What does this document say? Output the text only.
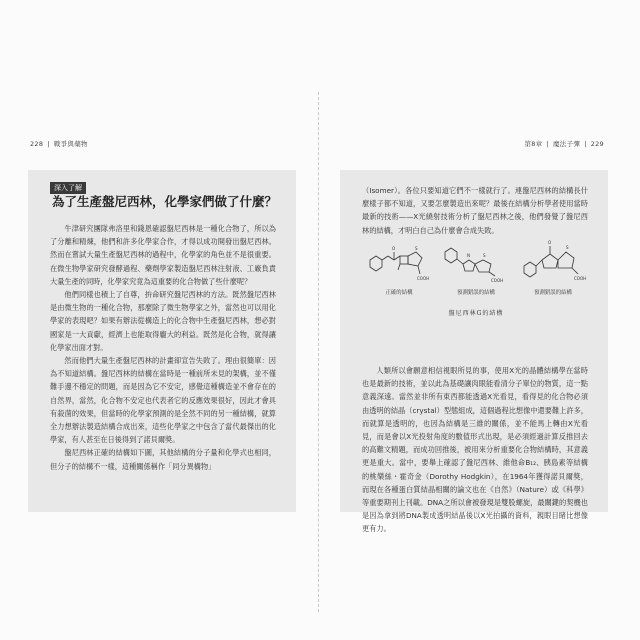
228 | 戰爭與藥物
深入了解
為了生產盤尼西林，化學家們做了什麼？

牛津研究團隊弗洛里和錢恩確認盤尼西林是一種化合物了，所以為了分離和精煉，他們和許多化學家合作，才得以成功開發出盤尼西林。然而在嘗試大量生產盤尼西林的過程中，化學家的角色並不是很重要。在微生物學家研究發酵過程、藥劑學家製造盤尼西林注射液、工廠負責大量生產的同時，化學家究竟為這重要的化合物做了些什麼呢？

他們同樣也積上了自尊，拚命研究盤尼西林的方法。既然盤尼西林是由微生物的一種化合物，那麼除了微生物學家之外，當然也可以用化學家的表現吧？如果有辦法從構造上的化合物中生產盤尼西林，想必對國家是一大貢獻，經濟上也能取得龐大的利益。既然是化合物，就得讓化學家出面才對。

然而他們大量生產盤尼西林的計畫卻宣告失敗了。理由很簡單：因為不知道結構。盤尼西林的結構在當時是一種前所未見的架構，並不僅難手邊不穩定的問題，而是因為它不安定，感覺這種構造並不會存在的自然界，當然，化合物不安定也代表者它的反應效果很好，因此才會具有殺菌的效果，但當時的化學家預測的是全然不同的另一種結構，就算全力想辦法製造結構合成出來，這些化學家之中包含了當代最傑出的化學家，有人甚至在日後得到了諾貝爾獎。

盤尼西林正確的結構如下圖，其他結構的分子量和化學式也相同，但分子的結構不一樣，這種關係稱作「同分異構物」

第8章 | 魔法子彈 | 229

（Isomer）。各位只要知道它們不一樣就行了。連盤尼西林的結構長什麼樣子都不知道，又要怎麼製造出來呢？最後在結構分析學者使用當時最新的技術——X光繞射技術分析了盤尼西林之後，他們發覺了盤尼西林的結構，才明白自己為什麼會合成失敗。

O	S
COOH
正確的結構
N	S
COOH
預測錯誤的結構
O
S
COOH
預測錯誤的結構
盤尼西林G的結構

人類所以會願意相信視眼所見的事，使用X光的晶體結構學在當時也是最新的技術，並以此為基礎讓肉眼能看清分子單位的物質，這一點意義深遠。當然並非所有東西都能透過X光看見，看得見的化合物必須由透明的結晶（crystal）型態組成，這個過程比想像中還要難上許多，而就算是透明的，也因為結構是三維的關係，並不能馬上轉由X光看見，而是會以X光投射角度的數值形式出現，是必須經過計算反推回去的高難文精題，而成功回推後，被用來分析重要化合物結構時，其意義更是重大。當中，要舉上確認了盤尼西林、維他命B₁₂、胰島素等結構的桃樂絲・霍奇金（Dorothy Hodgkin），在1964年獲得諾貝爾獎，而現在各種蛋白質結晶相關的論文也在《自然》（Nature）或《科學》等重要期刊上刊載。DNA之所以會被發現是雙股螺旋，最關鍵的契機也是因為拿到將DNA製成透明結晶後以X光拍攝的資料，親眼目睹比想像更有力。
